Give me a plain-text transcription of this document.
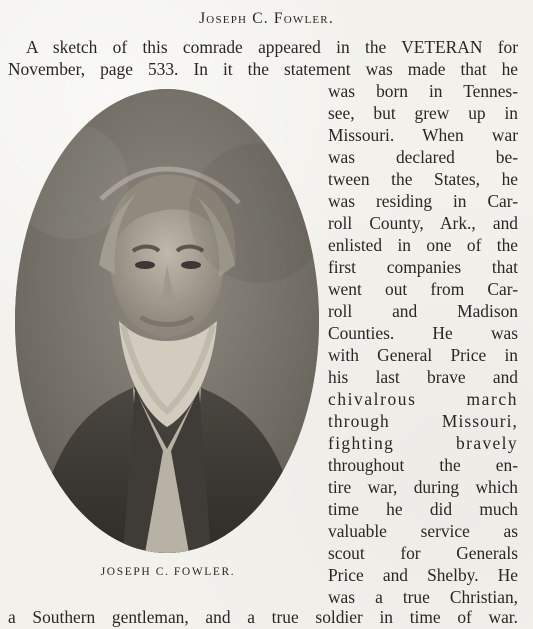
Joseph C. Fowler.
A sketch of this comrade appeared in the VETERAN for
November, page 533. In it the statement was made that he
was born in Tennes-
see, but grew up in
Missouri. When war
was declared be-
tween the States, he
was residing in Car-
roll County, Ark., and
enlisted in one of the
first companies that
went out from Car-
roll and Madison
Counties. He was
with General Price in
his last brave and
chivalrous march
through Missouri,
fighting bravely
throughout the en-
tire war, during which
time he did much
valuable service as
scout for Generals
Price and Shelby. He
was a true Christian,
JOSEPH C. FOWLER.
a Southern gentleman, and a true soldier in time of war.
